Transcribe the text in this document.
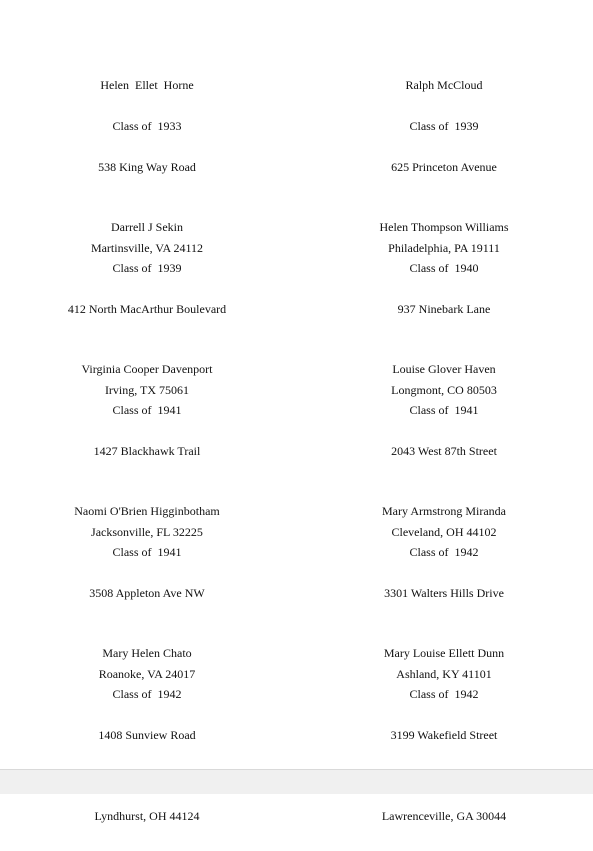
Helen  Ellet  Horne

Class of  1933

538 King Way Road

Martinsville, VA 24112

Ralph McCloud

Class of  1939

625 Princeton Avenue

Philadelphia, PA 19111

Darrell J Sekin

Class of  1939

412 North MacArthur Boulevard

Irving, TX 75061

Helen Thompson Williams

Class of  1940

937 Ninebark Lane

Longmont, CO 80503

Virginia Cooper Davenport

Class of  1941

1427 Blackhawk Trail

Jacksonville, FL 32225

Louise Glover Haven

Class of  1941

2043 West 87th Street

Cleveland, OH 44102

Naomi O'Brien Higginbotham

Class of  1941

3508 Appleton Ave NW

Roanoke, VA 24017

Mary Armstrong Miranda

Class of  1942

3301 Walters Hills Drive

Ashland, KY 41101

Mary Helen Chato

Class of  1942

1408 Sunview Road

Lyndhurst, OH 44124

Mary Louise Ellett Dunn

Class of  1942

3199 Wakefield Street

Lawrenceville, GA 30044
